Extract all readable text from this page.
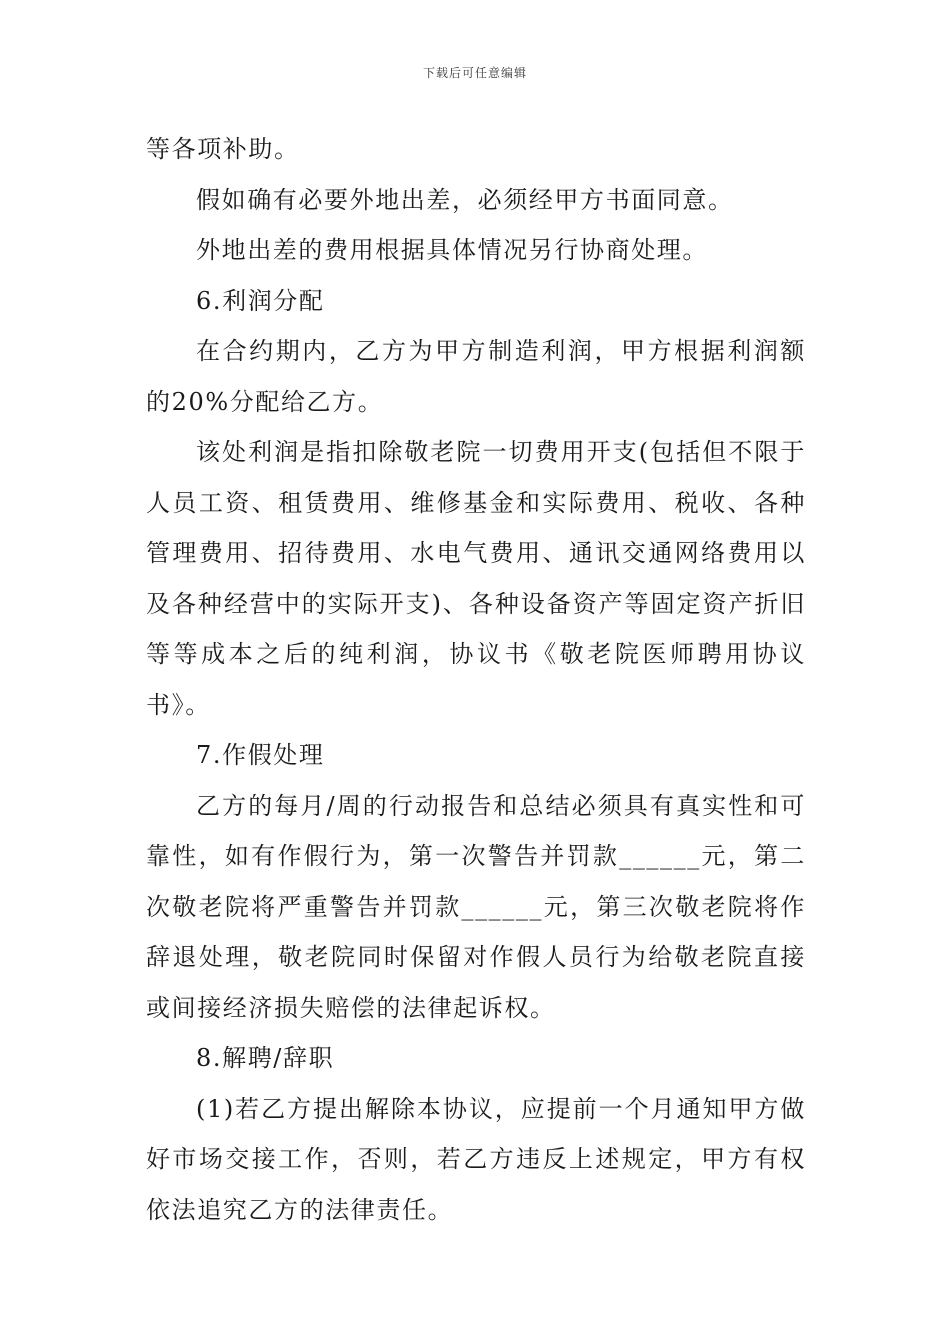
下载后可任意编辑

等各项补助。

假如确有必要外地出差，必须经甲方书面同意。

外地出差的费用根据具体情况另行协商处理。

6.利润分配

在合约期内，乙方为甲方制造利润，甲方根据利润额的20%分配给乙方。

该处利润是指扣除敬老院一切费用开支(包括但不限于人员工资、租赁费用、维修基金和实际费用、税收、各种管理费用、招待费用、水电气费用、通讯交通网络费用以及各种经营中的实际开支)、各种设备资产等固定资产折旧等等成本之后的纯利润，协议书《敬老院医师聘用协议书》。

7.作假处理

乙方的每月/周的行动报告和总结必须具有真实性和可靠性，如有作假行为，第一次警告并罚款______元，第二次敬老院将严重警告并罚款______元，第三次敬老院将作辞退处理，敬老院同时保留对作假人员行为给敬老院直接或间接经济损失赔偿的法律起诉权。

8.解聘/辞职

(1)若乙方提出解除本协议，应提前一个月通知甲方做好市场交接工作，否则，若乙方违反上述规定，甲方有权依法追究乙方的法律责任。
